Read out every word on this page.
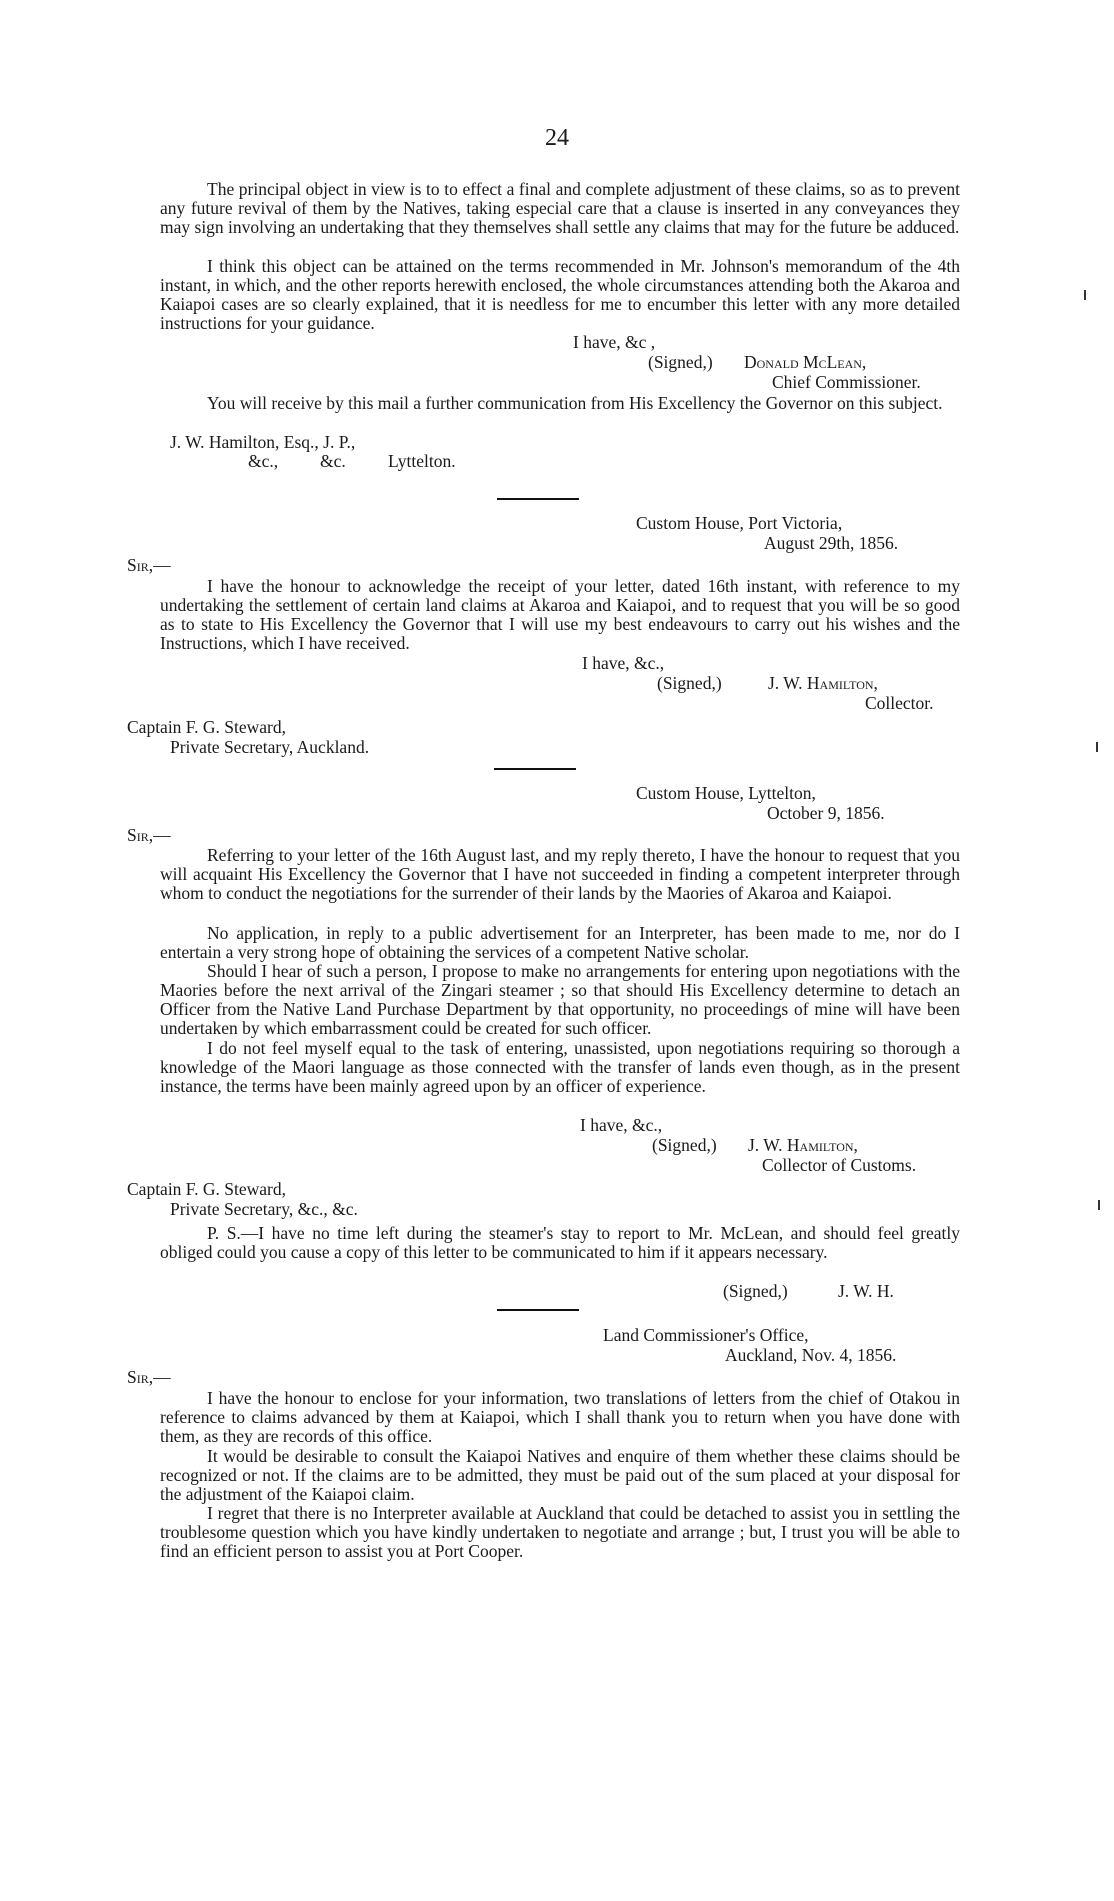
24

The principal object in view is to to effect a final and complete adjustment of these claims, so as to prevent any future revival of them by the Natives, taking especial care that a clause is inserted in any conveyances they may sign involving an undertaking that they themselves shall settle any claims that may for the future be adduced.

I think this object can be attained on the terms recommended in Mr. Johnson's memorandum of the 4th instant, in which, and the other reports herewith enclosed, the whole circumstances attending both the Akaroa and Kaiapoi cases are so clearly explained, that it is needless for me to encumber this letter with any more detailed instructions for your guidance.

I have, &c ,

(Signed,) Donald McLean,

Chief Commissioner.

You will receive by this mail a further communication from His Excellency the Governor on this subject.

J. W. Hamilton, Esq., J. P.,

&c., &c. Lyttelton.

Custom House, Port Victoria,

August 29th, 1856.

Sir,—

I have the honour to acknowledge the receipt of your letter, dated 16th instant, with reference to my undertaking the settlement of certain land claims at Akaroa and Kaiapoi, and to request that you will be so good as to state to His Excellency the Governor that I will use my best endeavours to carry out his wishes and the Instructions, which I have received.

I have, &c.,

(Signed,)	J. W. Hamilton,

Collector.

Captain F. G. Steward,

Private Secretary, Auckland.

Custom House, Lyttelton,

October 9, 1856.

Sir,—

Referring to your letter of the 16th August last, and my reply thereto, I have the honour to request that you will acquaint His Excellency the Governor that I have not succeeded in finding a competent interpreter through whom to conduct the negotiations for the surrender of their lands by the Maories of Akaroa and Kaiapoi.

No application, in reply to a public advertisement for an Interpreter, has been made to me, nor do I entertain a very strong hope of obtaining the services of a competent Native scholar.

Should I hear of such a person, I propose to make no arrangements for entering upon negotiations with the Maories before the next arrival of the Zingari steamer ; so that should His Excellency determine to detach an Officer from the Native Land Purchase Department by that opportunity, no proceedings of mine will have been undertaken by which embarrassment could be created for such officer.

I do not feel myself equal to the task of entering, unassisted, upon negotiations requiring so thorough a knowledge of the Maori language as those connected with the transfer of lands even though, as in the present instance, the terms have been mainly agreed upon by an officer of experience.

I have, &c.,

(Signed,) J. W. Hamilton,

Collector of Customs.

Captain F. G. Steward,

Private Secretary, &c., &c.

P. S.—I have no time left during the steamer's stay to report to Mr. McLean, and should feel greatly obliged could you cause a copy of this letter to be communicated to him if it appears necessary.

(Signed,)	J. W. H.

Land Commissioner's Office,

Auckland, Nov. 4, 1856.

Sir,—

I have the honour to enclose for your information, two translations of letters from the chief of Otakou in reference to claims advanced by them at Kaiapoi, which I shall thank you to return when you have done with them, as they are records of this office.

It would be desirable to consult the Kaiapoi Natives and enquire of them whether these claims should be recognized or not. If the claims are to be admitted, they must be paid out of the sum placed at your disposal for the adjustment of the Kaiapoi claim.

I regret that there is no Interpreter available at Auckland that could be detached to assist you in settling the troublesome question which you have kindly undertaken to negotiate and arrange ; but, I trust you will be able to find an efficient person to assist you at Port Cooper.
